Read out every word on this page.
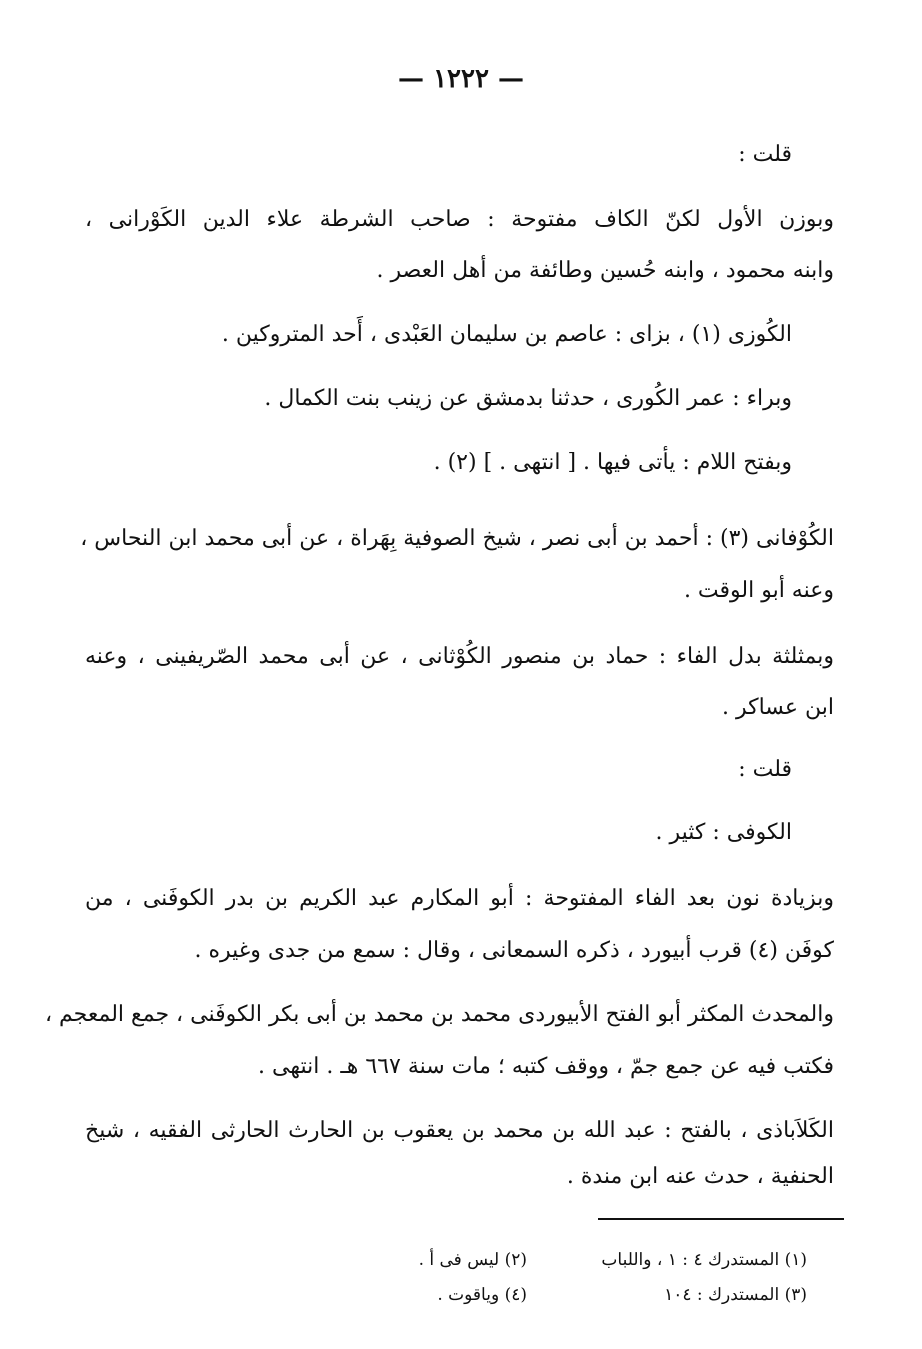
— ١٢٢٢ —
قلت :
وبوزن الأول لكنّ الكاف مفتوحة : صاحب الشرطة علاء الدين الكَوْرانى ،
وابنه محمود ، وابنه حُسين وطائفة من أهل العصر .
الكُوزى (١) ، بزاى : عاصم بن سليمان العَبْدى ، أَحد المتروكين .
وبراء : عمر الكُورى ، حدثنا بدمشق عن زينب بنت الكمال .
وبفتح اللام : يأتى فيها . [ انتهى . ] (٢) .
الكُوْفانى (٣) : أحمد بن أبى نصر ، شيخ الصوفية بِهَراة ، عن أبى محمد ابن النحاس ،
وعنه أبو الوقت .
وبمثلثة بدل الفاء : حماد بن منصور الكُوْثانى ، عن أبى محمد الصّريفينى ، وعنه
ابن عساكر .
قلت :
الكوفى : كثير .
وبزيادة نون بعد الفاء المفتوحة : أبو المكارم عبد الكريم بن بدر الكوفَنى ، من
كوفَن (٤) قرب أبيورد ، ذكره السمعانى ، وقال : سمع من جدى وغيره .
والمحدث المكثر أبو الفتح الأبيوردى محمد بن محمد بن أبى بكر الكوفَنى ، جمع المعجم ،
فكتب فيه عن جمع جمّ ، ووقف كتبه ؛ مات سنة ٦٦٧ هـ . انتهى .
الكَلاَباذى ، بالفتح : عبد الله بن محمد بن يعقوب بن الحارث الحارثى الفقيه ، شيخ
الحنفية ، حدث عنه ابن مندة .
(١) المستدرك ٤ : ١ ، واللباب
(٢) ليس فى أ .
(٣) المستدرك : ١٠٤
(٤) وياقوت .
